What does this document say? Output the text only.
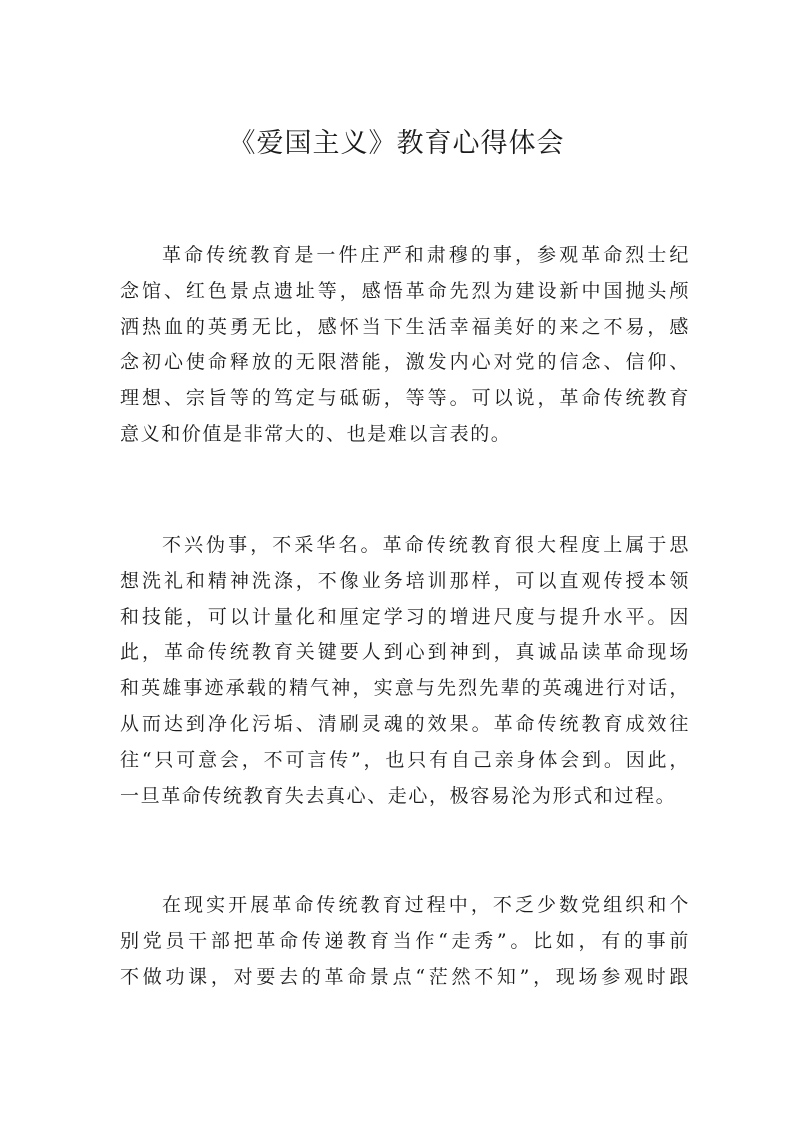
《爱国主义》教育心得体会
革命传统教育是一件庄严和肃穆的事，参观革命烈士纪
念馆、红色景点遗址等，感悟革命先烈为建设新中国抛头颅
洒热血的英勇无比，感怀当下生活幸福美好的来之不易，感
念初心使命释放的无限潜能，激发内心对党的信念、信仰、
理想、宗旨等的笃定与砥砺，等等。可以说，革命传统教育
意义和价值是非常大的、也是难以言表的。
不兴伪事，不采华名。革命传统教育很大程度上属于思
想洗礼和精神洗涤，不像业务培训那样，可以直观传授本领
和技能，可以计量化和厘定学习的增进尺度与提升水平。因
此，革命传统教育关键要人到心到神到，真诚品读革命现场
和英雄事迹承载的精气神，实意与先烈先辈的英魂进行对话，
从而达到净化污垢、清刷灵魂的效果。革命传统教育成效往
往“只可意会，不可言传”，也只有自己亲身体会到。因此，
一旦革命传统教育失去真心、走心，极容易沦为形式和过程。
在现实开展革命传统教育过程中，不乏少数党组织和个
别党员干部把革命传递教育当作“走秀”。比如，有的事前
不做功课，对要去的革命景点“茫然不知”，现场参观时跟
